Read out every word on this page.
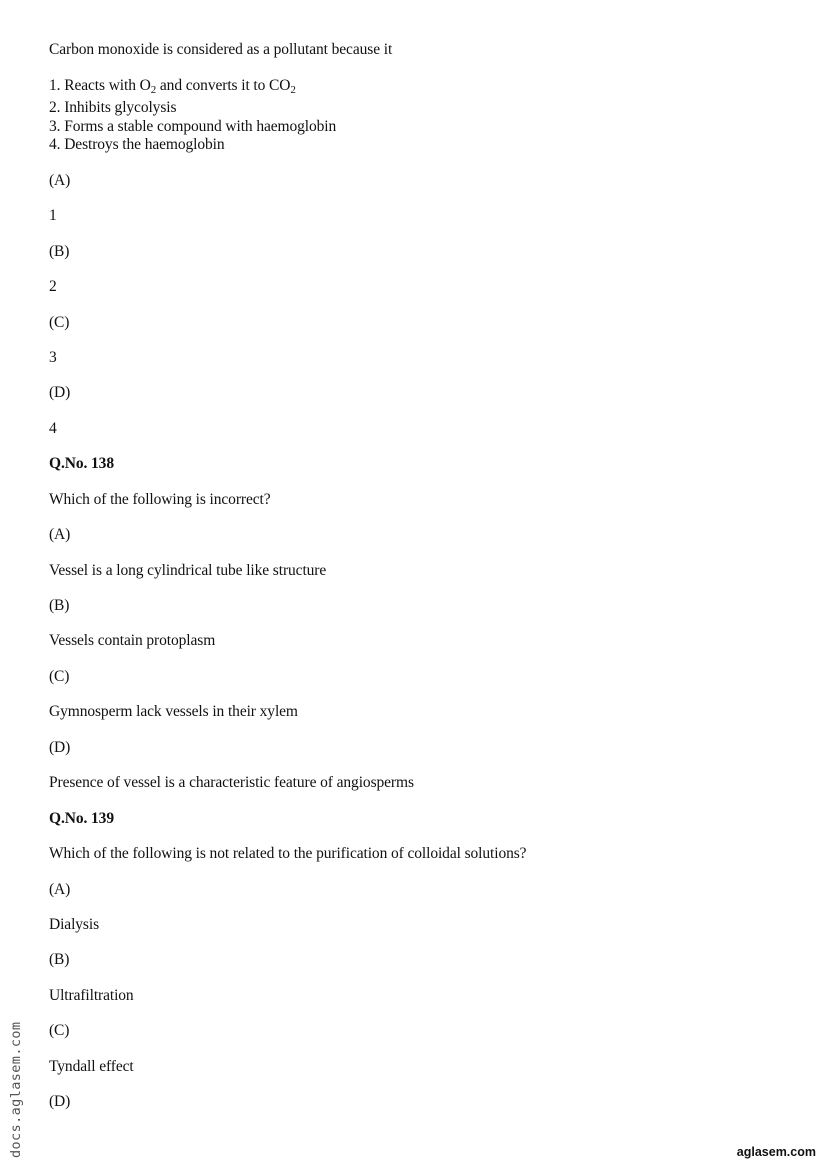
Carbon monoxide is considered as a pollutant because it
1. Reacts with $O_2$ and converts it to $CO_2$
2. Inhibits glycolysis
3. Forms a stable compound with haemoglobin
4. Destroys the haemoglobin
(A)
1
(B)
2
(C)
3
(D)
4
Q.No. 138
Which of the following is incorrect?
(A)
Vessel is a long cylindrical tube like structure
(B)
Vessels contain protoplasm
(C)
Gymnosperm lack vessels in their xylem
(D)
Presence of vessel is a characteristic feature of angiosperms
Q.No. 139
Which of the following is not related to the purification of colloidal solutions?
(A)
Dialysis
(B)
Ultrafiltration
(C)
Tyndall effect
(D)
docs.aglasem.com	aglasem.com
